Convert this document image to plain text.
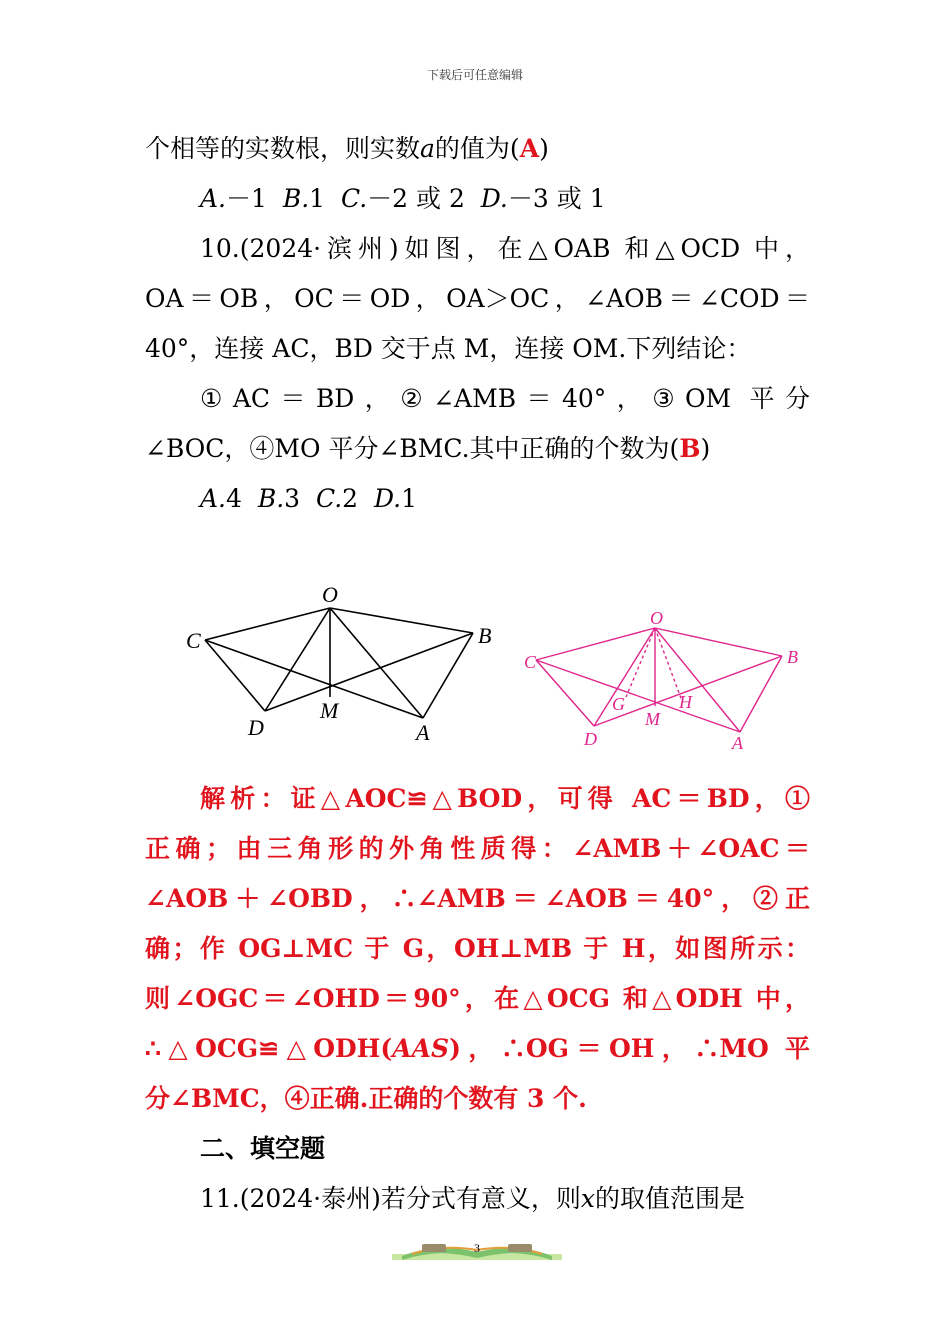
下载后可任意编辑
个相等的实数根，则实数a的值为(A)
A.－1 B.1 C.－2 或 2 D.－3 或 1
10.(2024·滨州)如图，在△OAB 和△OCD 中，
OA＝OB，OC＝OD，OA＞OC，∠AOB＝∠COD＝
40°，连接 AC，BD 交于点 M，连接 OM.下列结论：
①AC＝BD，②∠AMB＝40°，③OM 平分
∠BOC，④MO 平分∠BMC.其中正确的个数为(B)
A.4 B.3 C.2 D.1
O
C	B
M
D	A
O
C	B
G	H
M
D	A
解析：证△AOC≌△BOD，可得 AC＝BD，①
正确；由三角形的外角性质得：∠AMB＋∠OAC＝
∠AOB＋∠OBD，∴∠AMB＝∠AOB＝40°，②正
确；作 OG⊥MC 于 G，OH⊥MB 于 H，如图所示：
则∠OGC＝∠OHD＝90°，在△OCG 和△ODH 中，
∴△OCG≌△ODH(AAS)，∴OG＝OH，∴MO 平
分∠BMC，④正确.正确的个数有 3 个.
二、填空题
11.(2024·泰州)若分式有意义，则x的取值范围是
3
